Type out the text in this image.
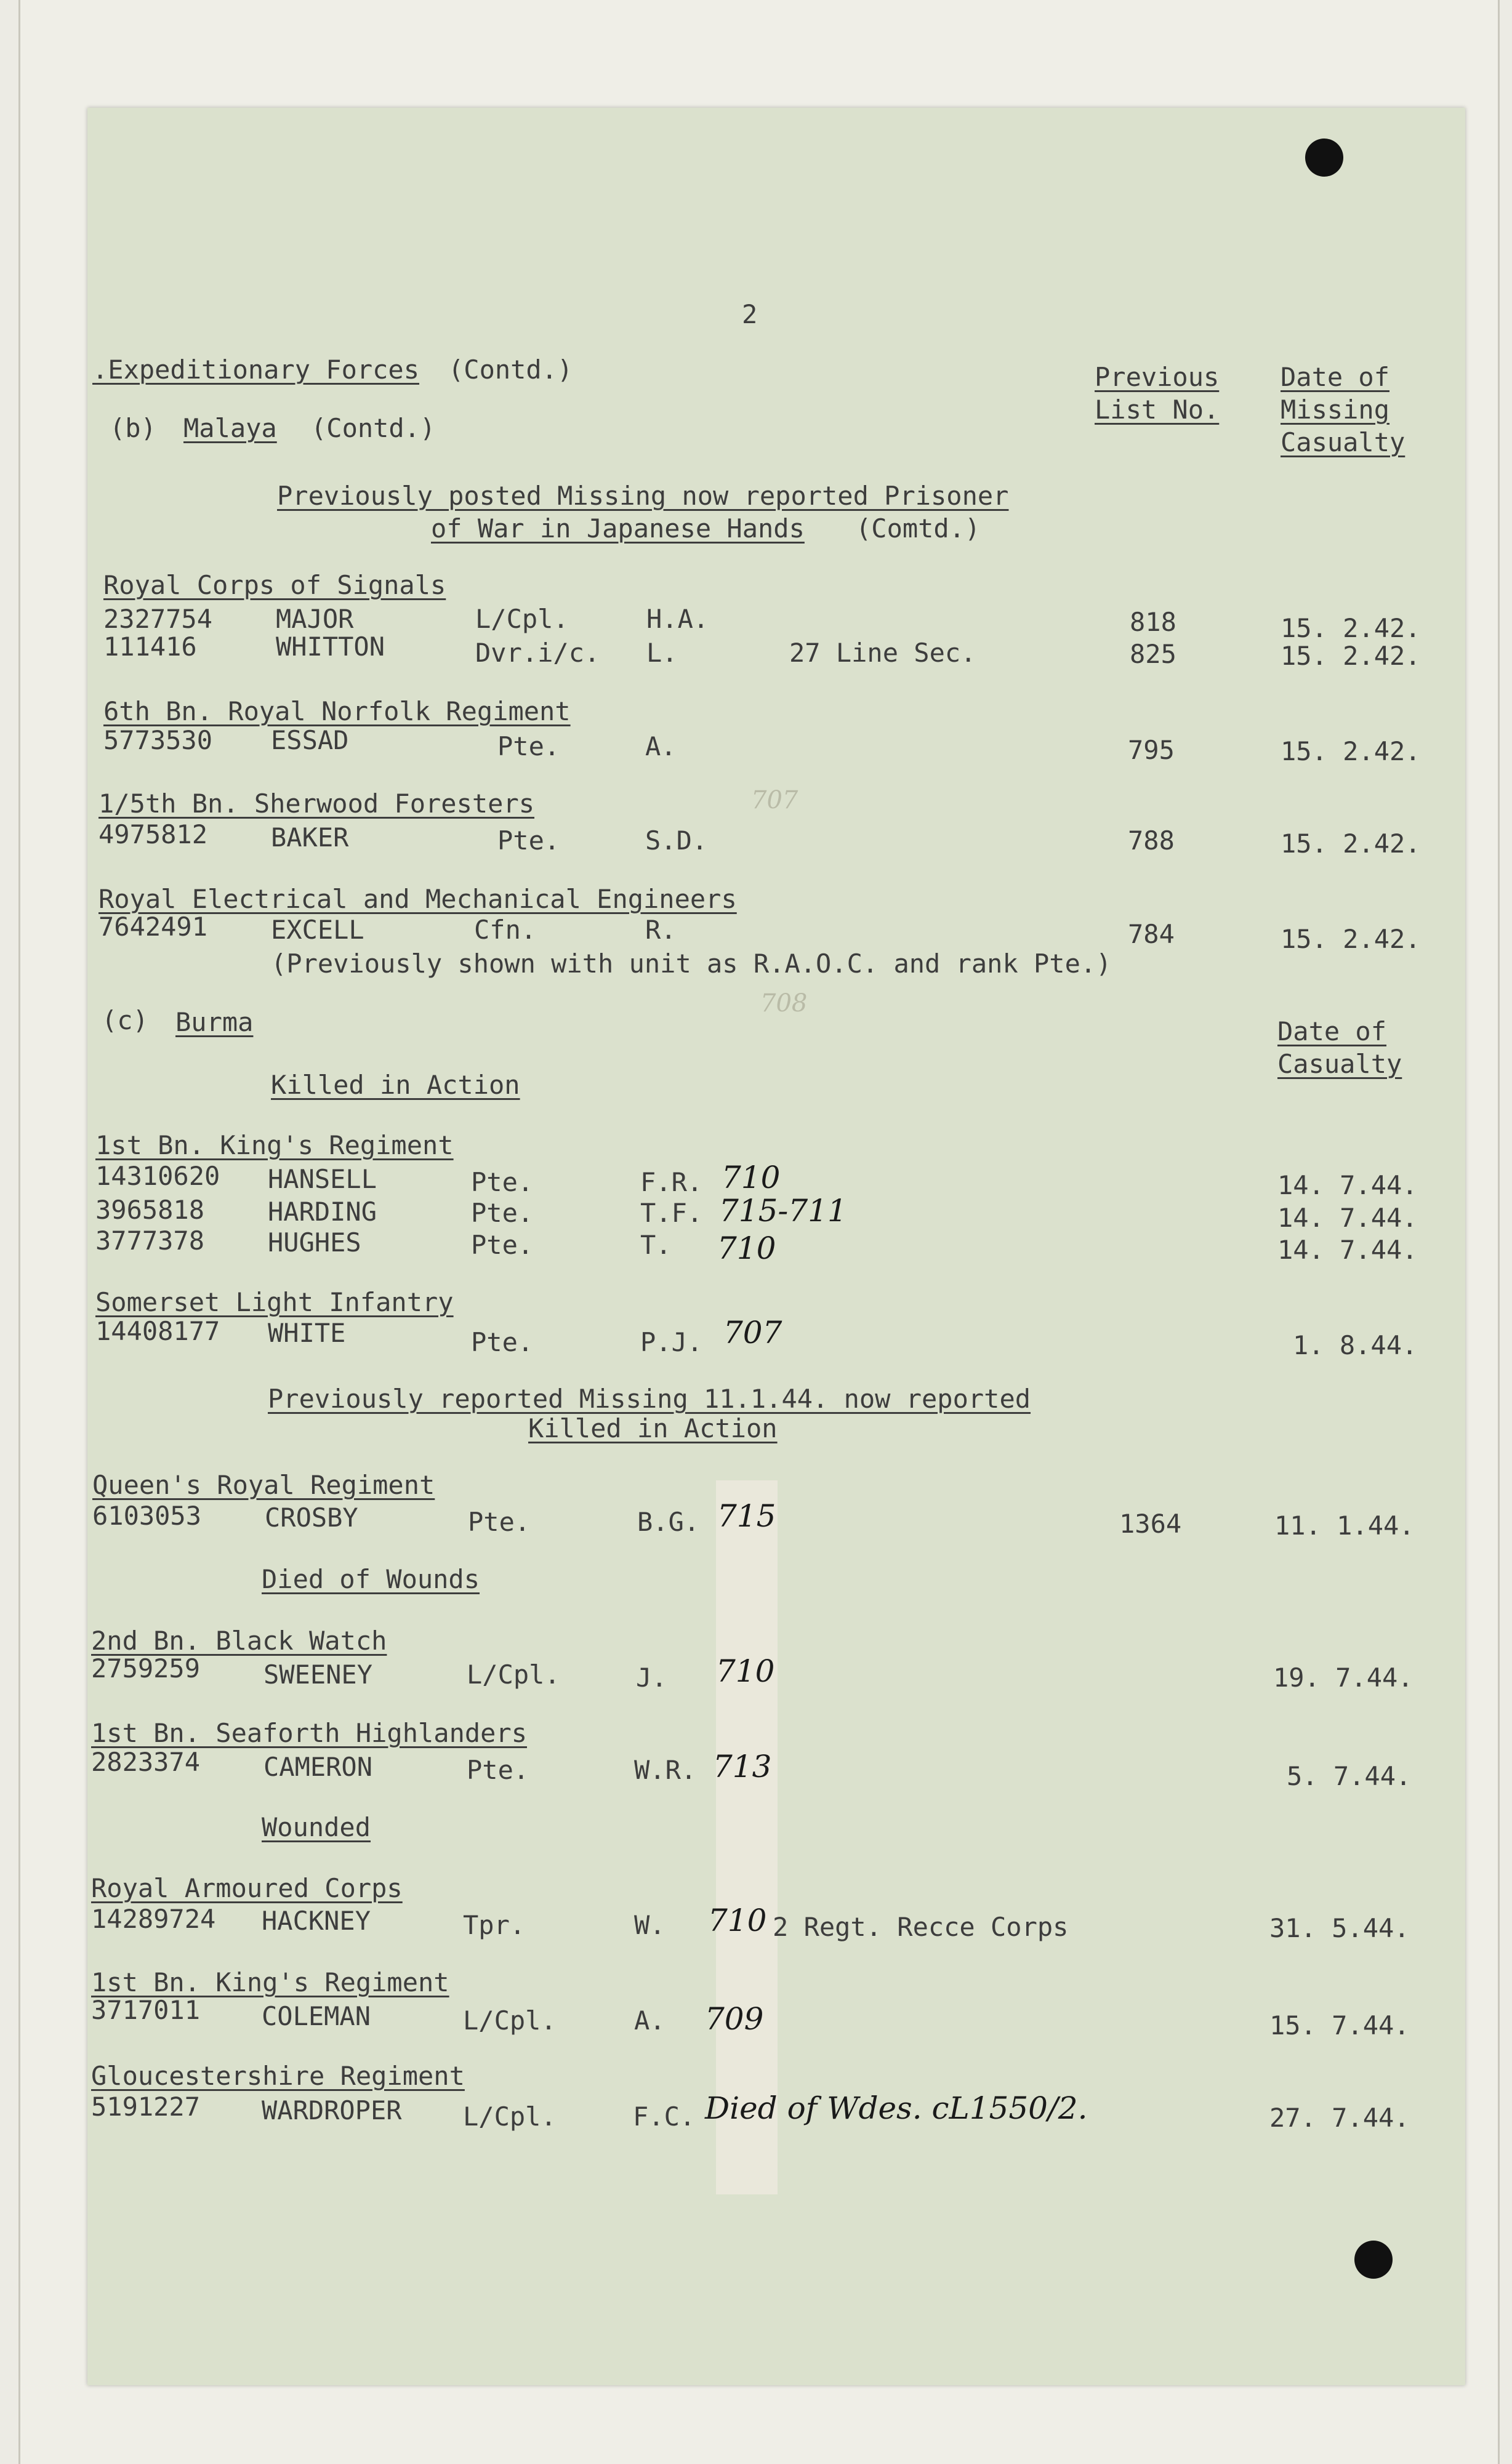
2
.Expeditionary Forces (Contd.)	Previous Date of
List No. Missing
Casualty
(b) Malaya (Contd.)
Previously posted Missing now reported Prisoner
of War in Japanese Hands (Comtd.)
Royal Corps of Signals
2327754 MAJOR	L/Cpl.	H.A.	818	15. 2.42.
111416	WHITTON	Dvr.i/c. L.	27 Line Sec.	825	15. 2.42.
6th Bn. Royal Norfolk Regiment
5773530 ESSAD	Pte.	A.	795	15. 2.42.
1/5th Bn. Sherwood Foresters
4975812 BAKER	Pte.	S.D.	788	15. 2.42.
Royal Electrical and Mechanical Engineers
7642491 EXCELL	Cfn.	R.	784	15. 2.42.
(Previously shown with unit as R.A.O.C. and rank Pte.)
(c) Burma	Date of
Casualty
Killed in Action
1st Bn. King's Regiment
14310620 HANSELL	Pte.	F.R.	14. 7.44.
3965818 HARDING	Pte.	T.F.	14. 7.44.
3777378 HUGHES	Pte.	T.	14. 7.44.
Somerset Light Infantry
14408177 WHITE	Pte.	P.J.	1. 8.44.
Previously reported Missing 11.1.44. now reported
Killed in Action
Queen's Royal Regiment
6103053 CROSBY	Pte.	B.G.	1364	11. 1.44.
Died of Wounds
2nd Bn. Black Watch
2759259 SWEENEY	L/Cpl.	J.	19. 7.44.
1st Bn. Seaforth Highlanders
2823374 CAMERON	Pte.	W.R.	5. 7.44.
Wounded
Royal Armoured Corps
14289724 HACKNEY	Tpr.	W.	2 Regt. Recce Corps	31. 5.44.
1st Bn. King's Regiment
3717011 COLEMAN	L/Cpl.	A.	15. 7.44.
Gloucestershire Regiment
5191227 WARDROPER L/Cpl.	F.C.	27. 7.44.
710
715-711
710
707
715
710
713
710
709
Died of Wdes. cL1550/2.
707
708
